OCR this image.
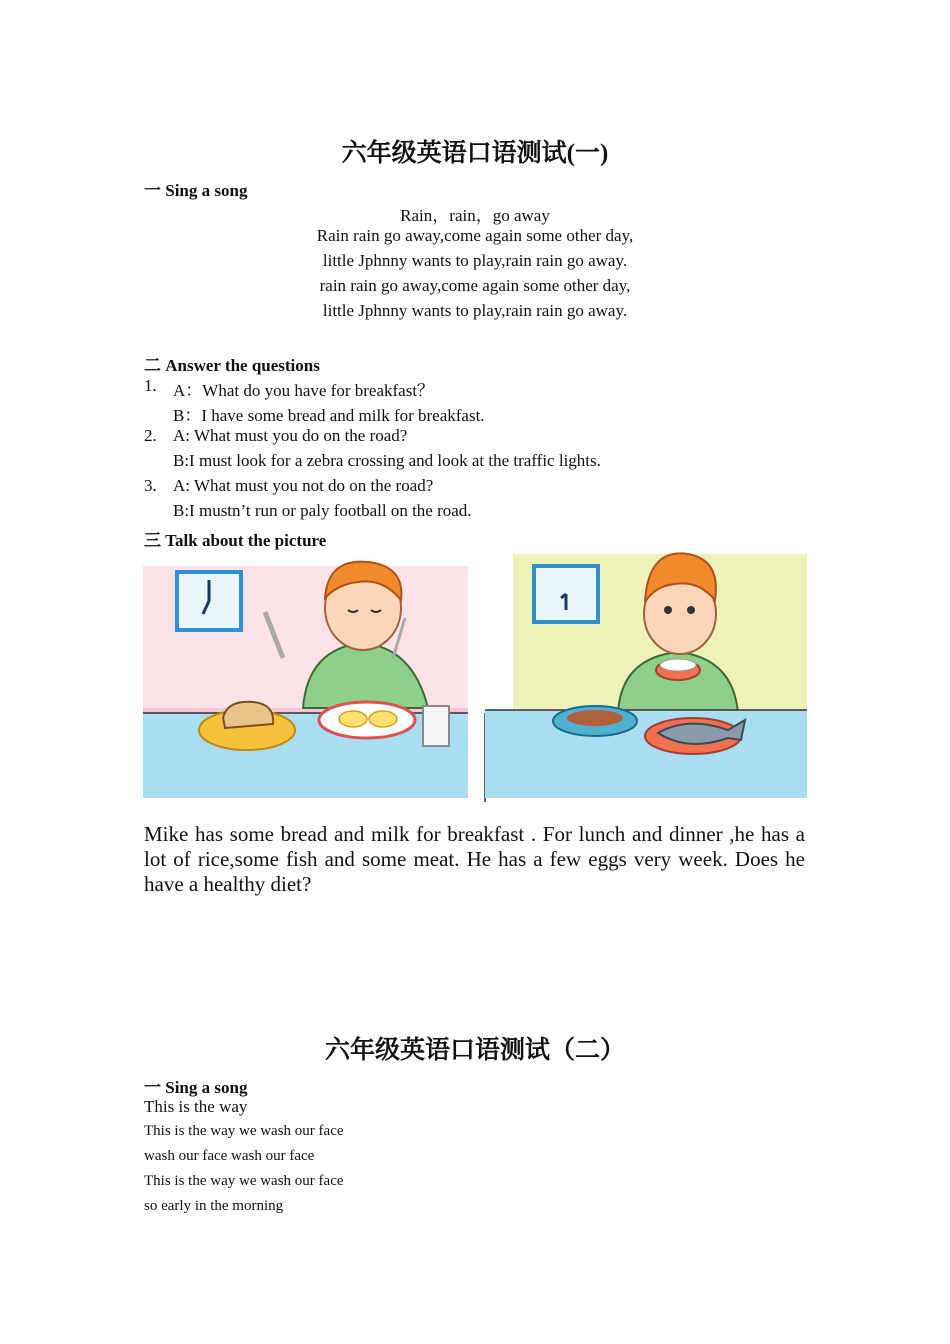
六年级英语口语测试(一)
一 Sing a song
Rain，rain，go away
Rain rain go away,come again some other day,
little Jphnny wants to play,rain rain go away.
rain rain go away,come again some other day,
little Jphnny wants to play,rain rain go away.
二 Answer the questions
1. A：What do you have for breakfast？
B：I have some bread and milk for breakfast.
2. A: What must you do on the road?
B:I must look for a zebra crossing and look at the traffic lights.
3. A: What must you not do on the road?
B:I mustn’t run or paly football on the road.
三 Talk about the picture
Mike has some bread and milk for breakfast . For lunch and dinner ,he has a lot of rice,some fish and some meat. He has a few eggs very week. Does he have a healthy diet?
六年级英语口语测试（二）
一 Sing a song
This is the way
This is the way we wash our face
wash our face wash our face
This is the way we wash our face
so early in the morning
